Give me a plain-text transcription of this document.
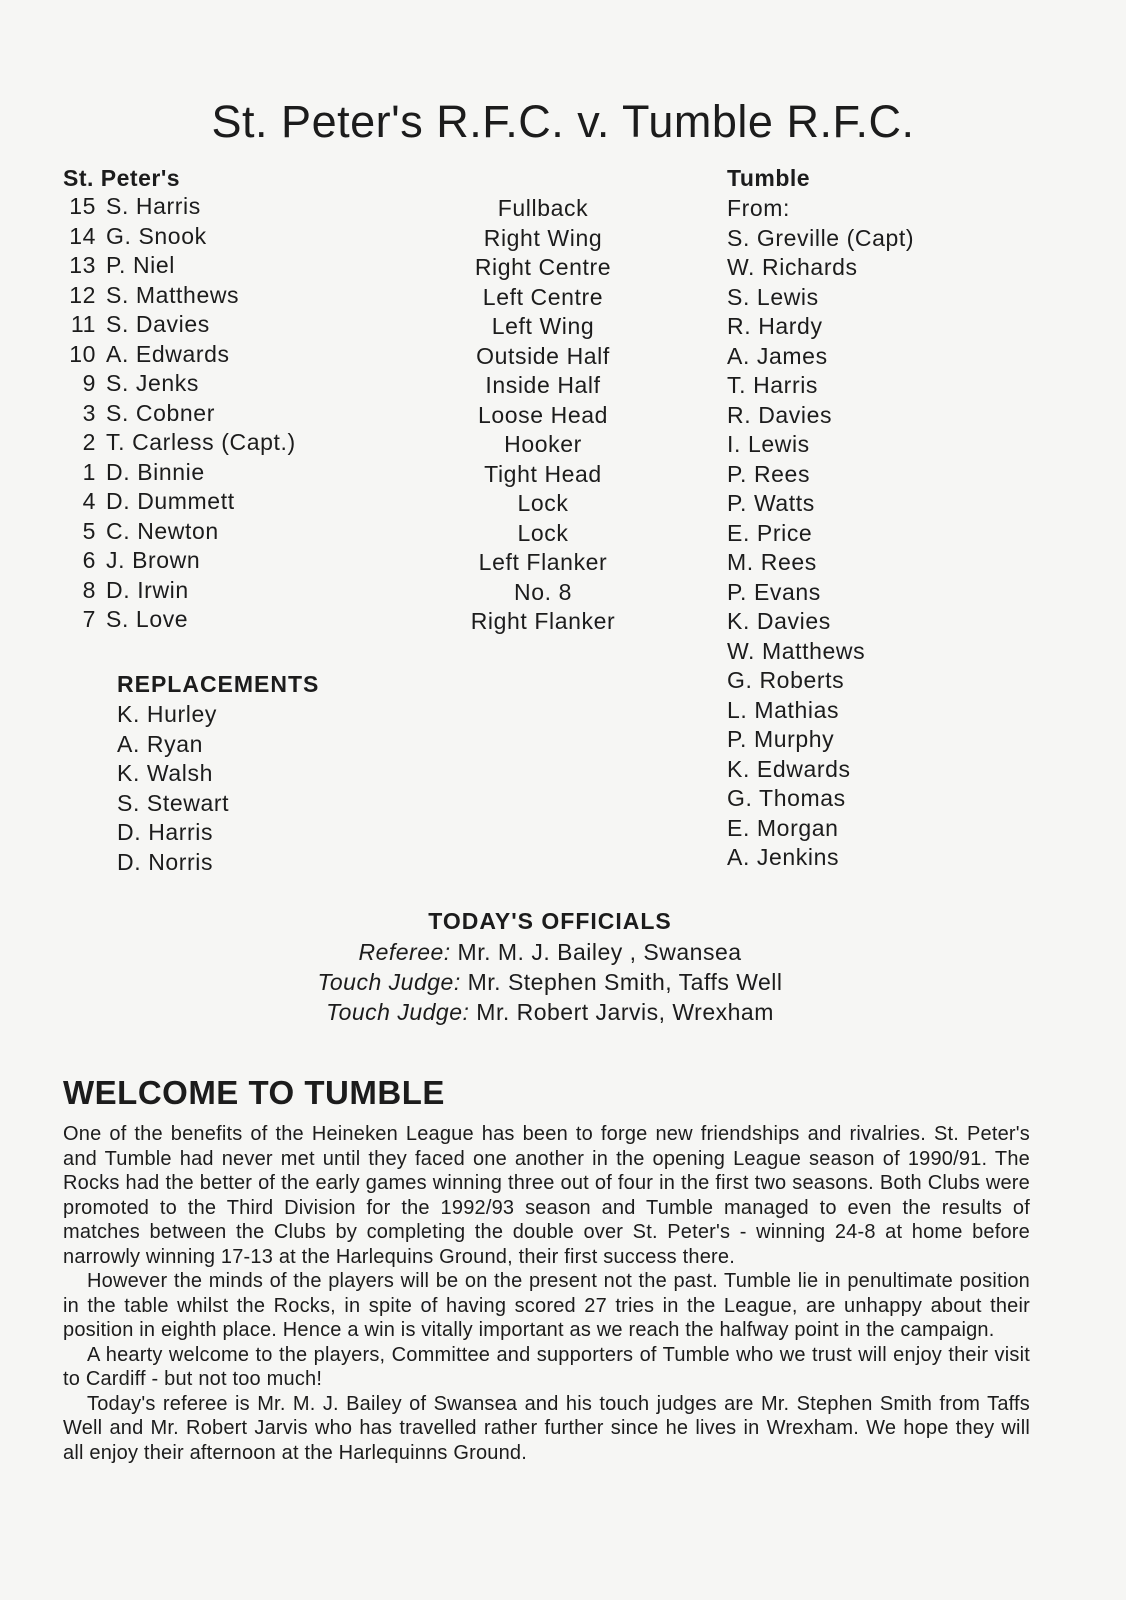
St. Peter's R.F.C. v. Tumble R.F.C.
St. Peter's
15 S. Harris
14 G. Snook
13 P. Niel
12 S. Matthews
11 S. Davies
10 A. Edwards
9 S. Jenks
3 S. Cobner
2 T. Carless (Capt.)
1 D. Binnie
4 D. Dummett
5 C. Newton
6 J. Brown
8 D. Irwin
7 S. Love
REPLACEMENTS
K. Hurley
A. Ryan
K. Walsh
S. Stewart
D. Harris
D. Norris
Fullback
Right Wing
Right Centre
Left Centre
Left Wing
Outside Half
Inside Half
Loose Head
Hooker
Tight Head
Lock
Lock
Left Flanker
No. 8
Right Flanker
Tumble
From:
S. Greville (Capt)
W. Richards
S. Lewis
R. Hardy
A. James
T. Harris
R. Davies
I. Lewis
P. Rees
P. Watts
E. Price
M. Rees
P. Evans
K. Davies
W. Matthews
G. Roberts
L. Mathias
P. Murphy
K. Edwards
G. Thomas
E. Morgan
A. Jenkins
TODAY'S OFFICIALS
Referee: Mr. M. J. Bailey , Swansea
Touch Judge: Mr. Stephen Smith, Taffs Well
Touch Judge: Mr. Robert Jarvis, Wrexham
WELCOME TO TUMBLE

One of the benefits of the Heineken League has been to forge new friendships and rivalries. St. Peter's and Tumble had never met until they faced one another in the opening League season of 1990/91. The Rocks had the better of the early games winning three out of four in the first two seasons. Both Clubs were promoted to the Third Division for the 1992/93 season and Tumble managed to even the results of matches between the Clubs by completing the double over St. Peter's - winning 24-8 at home before narrowly winning 17-13 at the Harlequins Ground, their first success there.

However the minds of the players will be on the present not the past. Tumble lie in penultimate position in the table whilst the Rocks, in spite of having scored 27 tries in the League, are unhappy about their position in eighth place. Hence a win is vitally important as we reach the halfway point in the campaign.

A hearty welcome to the players, Committee and supporters of Tumble who we trust will enjoy their visit to Cardiff - but not too much!

Today's referee is Mr. M. J. Bailey of Swansea and his touch judges are Mr. Stephen Smith from Taffs Well and Mr. Robert Jarvis who has travelled rather further since he lives in Wrexham. We hope they will all enjoy their afternoon at the Harlequinns Ground.
